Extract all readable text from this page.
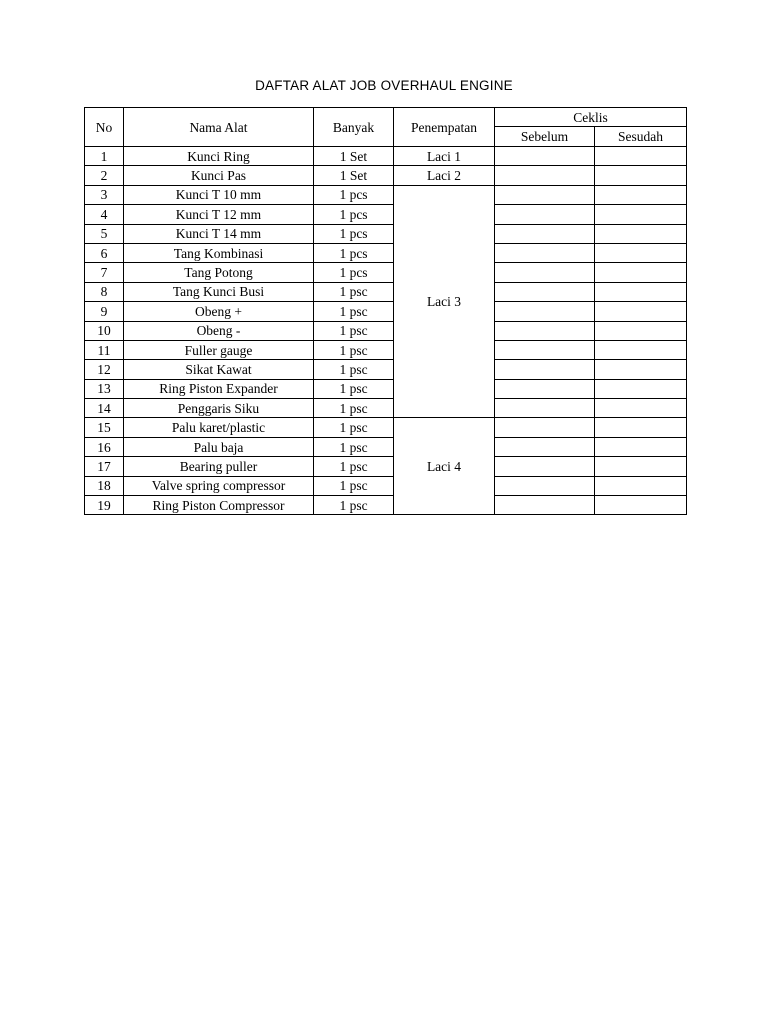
DAFTAR ALAT JOB OVERHAUL ENGINE
No	Nama Alat	Banyak	Penempatan	Ceklis	
				Sebelum	Sesudah
1	Kunci Ring	1 Set	Laci 1		
2	Kunci Pas	1 Set	Laci 2		
3	Kunci T 10 mm	1 pcs	Laci 3		
4	Kunci T 12 mm	1 pcs			
5	Kunci T 14 mm	1 pcs			
6	Tang Kombinasi	1 pcs			
7	Tang Potong	1 pcs			
8	Tang Kunci Busi	1 psc			
9	Obeng +	1 psc			
10	Obeng -	1 psc			
11	Fuller gauge	1 psc			
12	Sikat Kawat	1 psc			
13	Ring Piston Expander	1 psc			
14	Penggaris Siku	1 psc			
15	Palu karet/plastic	1 psc	Laci 4		
16	Palu baja	1 psc			
17	Bearing puller	1 psc			
18	Valve spring compressor	1 psc			
19	Ring Piston Compressor	1 psc			
